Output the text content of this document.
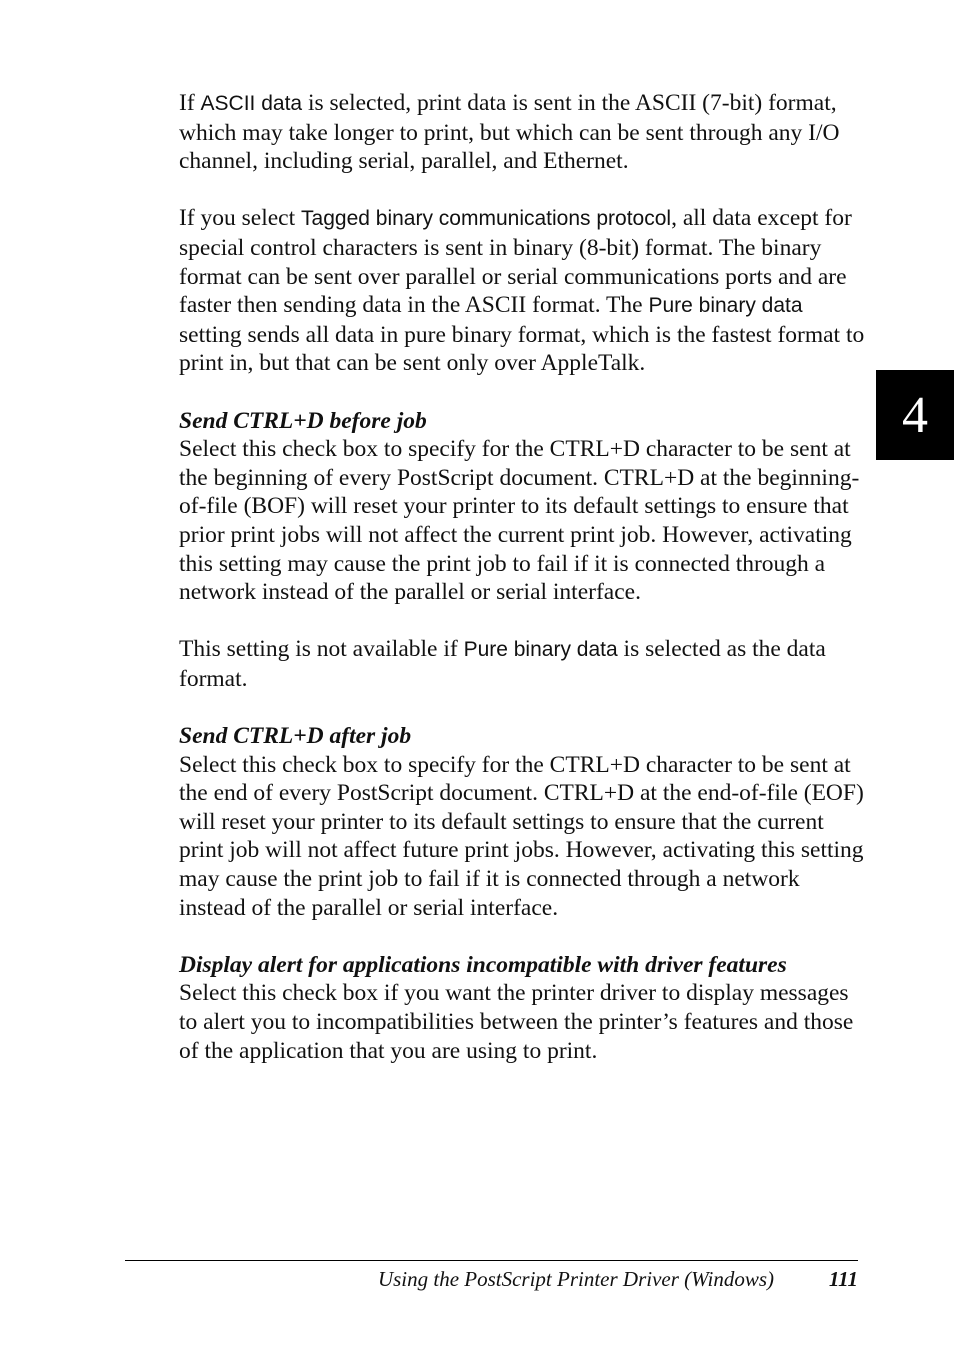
If ASCII data is selected, print data is sent in the ASCII (7-bit) format, which may take longer to print, but which can be sent through any I/O channel, including serial, parallel, and Ethernet.

If you select Tagged binary communications protocol, all data except for special control characters is sent in binary (8-bit) format. The binary format can be sent over parallel or serial communications ports and are faster then sending data in the ASCII format. The Pure binary data setting sends all data in pure binary format, which is the fastest format to print in, but that can be sent only over AppleTalk.

Send CTRL+D before job
Select this check box to specify for the CTRL+D character to be sent at the beginning of every PostScript document. CTRL+D at the beginning-of-file (BOF) will reset your printer to its default settings to ensure that prior print jobs will not affect the current print job. However, activating this setting may cause the print job to fail if it is connected through a network instead of the parallel or serial interface.

This setting is not available if Pure binary data is selected as the data format.

Send CTRL+D after job
Select this check box to specify for the CTRL+D character to be sent at the end of every PostScript document. CTRL+D at the end-of-file (EOF) will reset your printer to its default settings to ensure that the current print job will not affect future print jobs. However, activating this setting may cause the print job to fail if it is connected through a network instead of the parallel or serial interface.
Display alert for applications incompatible with driver features
Select this check box if you want the printer driver to display messages to alert you to incompatibilities between the printer’s features and those of the application that you are using to print.
4
Using the PostScript Printer Driver (Windows)	111
